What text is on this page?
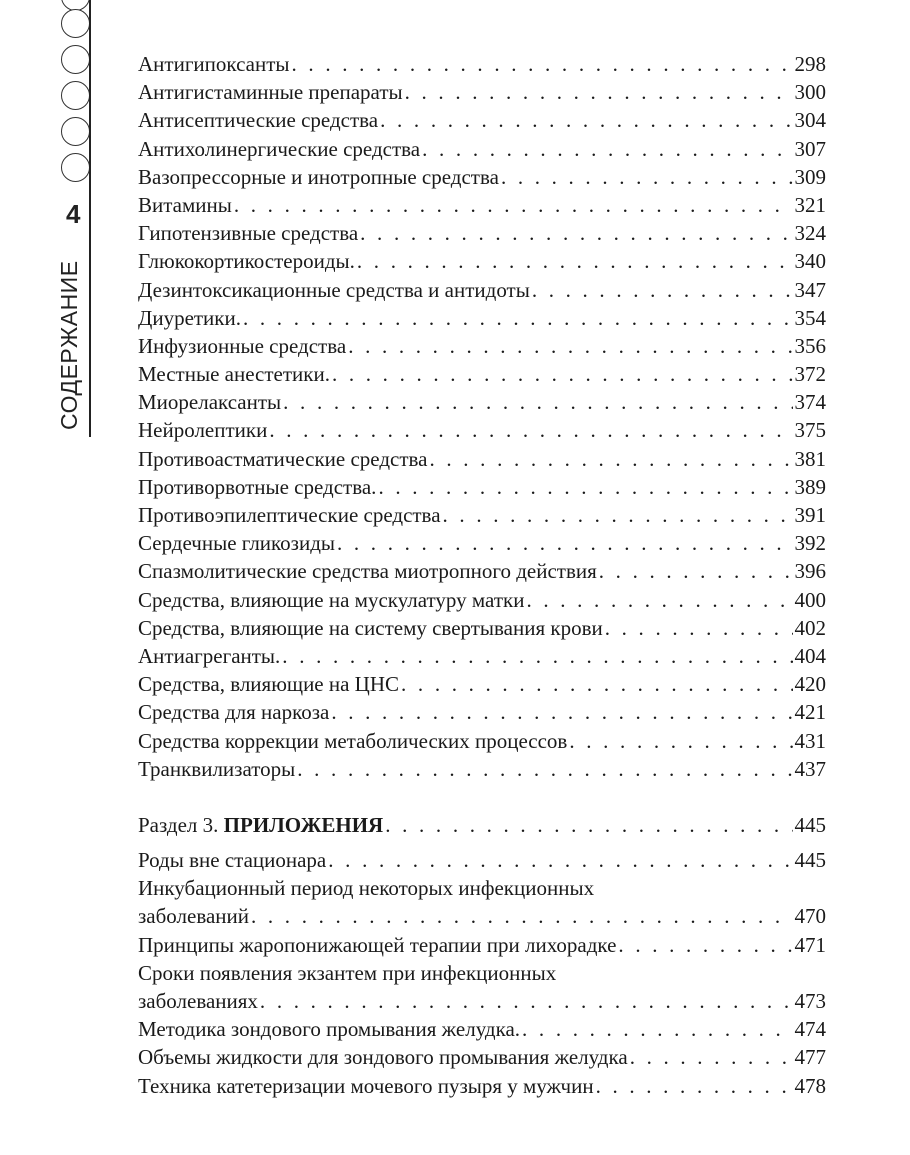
4
СОДЕРЖАНИЕ
Антигипоксанты . . .	298
Антигистаминные препараты . . .	300
Антисептические средства . . .	304
Антихолинергические средства . . .	307
Вазопрессорные и инотропные средства . . .	309
Витамины . . .	321
Гипотензивные средства . . .	324
Глюкокортикостероиды. . . .	340
Дезинтоксикационные средства и антидоты . . .	347
Диуретики. . . .	354
Инфузионные средства . . .	356
Местные анестетики. . . .	372
Миорелаксанты . . .	374
Нейролептики . . .	375
Противоастматические средства . . .	381
Противорвотные средства. . . .	389
Противоэпилептические средства . . .	391
Сердечные гликозиды . . .	392
Спазмолитические средства миотропного действия . . .	396
Средства, влияющие на мускулатуру матки . . .	400
Средства, влияющие на систему свертывания крови . . .	402
Антиагреганты. . . .	404
Средства, влияющие на ЦНС . . .	420
Средства для наркоза . . .	421
Средства коррекции метаболических процессов . . .	431
Транквилизаторы . . .	437
Раздел 3. ПРИЛОЖЕНИЯ . . .	445
Роды вне стационара . . .	445
Инкубационный период некоторых инфекционных
заболеваний . . .	470
Принципы жаропонижающей терапии при лихорадке . . .	471
Сроки появления экзантем при инфекционных
заболеваниях . . .	473
Методика зондового промывания желудка. . . .	474
Объемы жидкости для зондового промывания желудка . . .	477
Техника катетеризации мочевого пузыря у мужчин . . .	478
